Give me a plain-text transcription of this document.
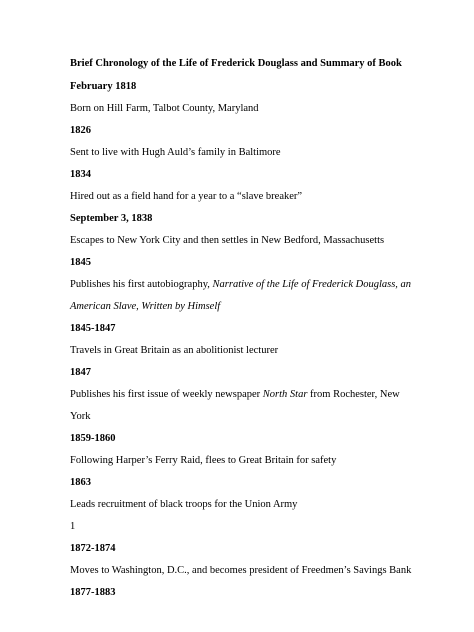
Brief Chronology of the Life of Frederick Douglass and Summary of Book

February 1818

Born on Hill Farm, Talbot County, Maryland

1826

Sent to live with Hugh Auld’s family in Baltimore

1834

Hired out as a field hand for a year to a “slave breaker”

September 3, 1838

Escapes to New York City and then settles in New Bedford, Massachusetts

1845

Publishes his first autobiography, Narrative of the Life of Frederick Douglass, an

American Slave, Written by Himself

1845-1847

Travels in Great Britain as an abolitionist lecturer

1847

Publishes his first issue of weekly newspaper North Star from Rochester, New

York

1859-1860

Following Harper’s Ferry Raid, flees to Great Britain for safety

1863

Leads recruitment of black troops for the Union Army

1

1872-1874

Moves to Washington, D.C., and becomes president of Freedmen’s Savings Bank

1877-1883
